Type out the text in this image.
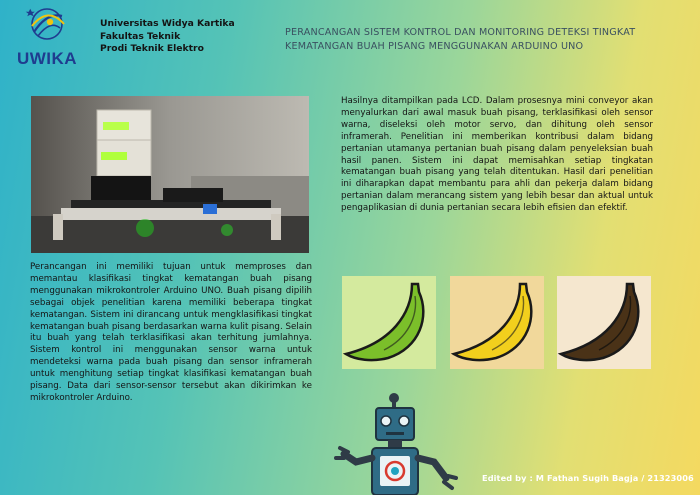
UWIKA
Universitas Widya Kartika
Fakultas Teknik
Prodi Teknik Elektro
PERANCANGAN SISTEM KONTROL DAN MONITORING DETEKSI TINGKAT KEMATANGAN BUAH PISANG MENGGUNAKAN ARDUINO UNO
Perancangan ini memiliki tujuan untuk memproses dan memantau klasifikasi tingkat kematangan buah pisang menggunakan mikrokontroler Arduino UNO. Buah pisang dipilih sebagai objek penelitian karena memiliki beberapa tingkat kematangan. Sistem ini dirancang untuk mengklasifikasi tingkat kematangan buah pisang berdasarkan warna kulit pisang. Selain itu buah yang telah terklasifikasi akan terhitung jumlahnya. Sistem kontrol ini menggunakan sensor warna untuk mendeteksi warna pada buah pisang dan sensor inframerah untuk menghitung setiap tingkat klasifikasi kematangan buah pisang. Data dari sensor-sensor tersebut akan dikirimkan ke mikrokontroler Arduino.
Hasilnya ditampilkan pada LCD. Dalam prosesnya mini conveyor akan menyalurkan dari awal masuk buah pisang, terklasifikasi oleh sensor warna, diseleksi oleh motor servo, dan dihitung oleh sensor inframerah. Penelitian ini memberikan kontribusi dalam bidang pertanian utamanya pertanian buah pisang dalam penyeleksian buah hasil panen. Sistem ini dapat memisahkan setiap tingkatan kematangan buah pisang yang telah ditentukan. Hasil dari penelitian ini diharapkan dapat membantu para ahli dan pekerja dalam bidang pertanian dalam merancang sistem yang lebih besar dan aktual untuk pengaplikasian di dunia pertanian secara lebih efisien dan efektif.
Edited by : M Fathan Sugih Bagja / 21323006
